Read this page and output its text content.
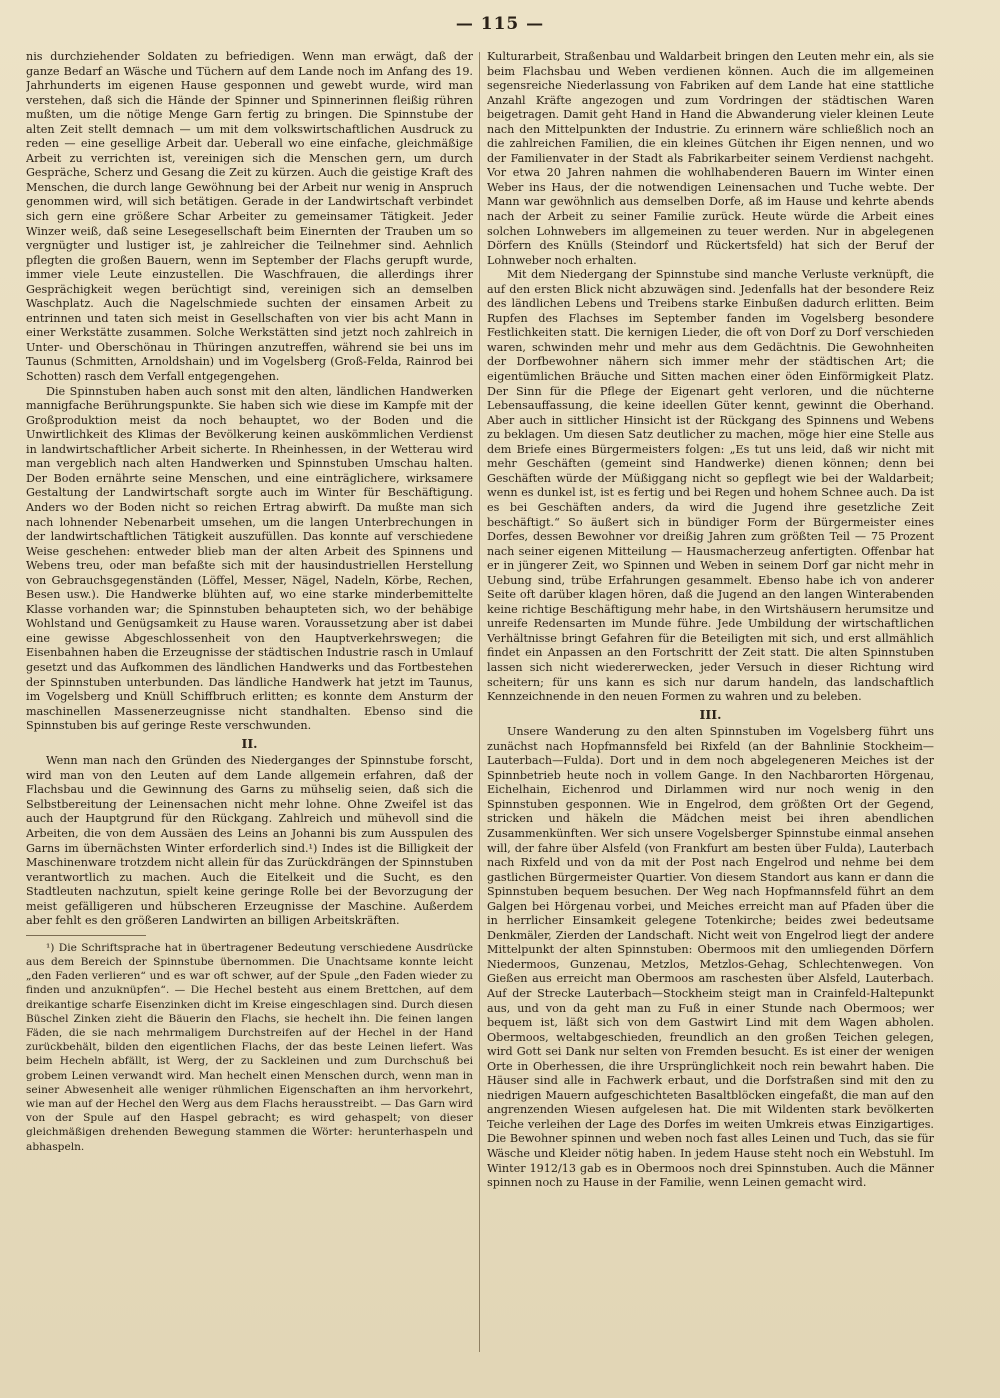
— 115 —

nis durchziehender Soldaten zu befriedigen. Wenn man erwägt, daß der ganze Bedarf an Wäsche und Tüchern auf dem Lande noch im Anfang des 19. Jahrhunderts im eigenen Hause gesponnen und gewebt wurde, wird man verstehen, daß sich die Hände der Spinner und Spinnerinnen fleißig rühren mußten, um die nötige Menge Garn fertig zu bringen. Die Spinnstube der alten Zeit stellt demnach — um mit dem volkswirtschaftlichen Ausdruck zu reden — eine gesellige Arbeit dar. Ueberall wo eine einfache, gleichmäßige Arbeit zu verrichten ist, vereinigen sich die Menschen gern, um durch Gespräche, Scherz und Gesang die Zeit zu kürzen. Auch die geistige Kraft des Menschen, die durch lange Gewöhnung bei der Arbeit nur wenig in Anspruch genommen wird, will sich betätigen. Gerade in der Landwirtschaft verbindet sich gern eine größere Schar Arbeiter zu gemeinsamer Tätigkeit. Jeder Winzer weiß, daß seine Lesegesellschaft beim Einernten der Trauben um so vergnügter und lustiger ist, je zahlreicher die Teilnehmer sind. Aehnlich pflegten die großen Bauern, wenn im September der Flachs gerupft wurde, immer viele Leute einzustellen. Die Waschfrauen, die allerdings ihrer Gesprächigkeit wegen berüchtigt sind, vereinigen sich an demselben Waschplatz. Auch die Nagelschmiede suchten der einsamen Arbeit zu entrinnen und taten sich meist in Gesellschaften von vier bis acht Mann in einer Werkstätte zusammen. Solche Werkstätten sind jetzt noch zahlreich in Unter- und Oberschönau in Thüringen anzutreffen, während sie bei uns im Taunus (Schmitten, Arnoldshain) und im Vogelsberg (Groß-Felda, Rainrod bei Schotten) rasch dem Verfall entgegengehen.

Die Spinnstuben haben auch sonst mit den alten, ländlichen Handwerken mannigfache Berührungspunkte. Sie haben sich wie diese im Kampfe mit der Großproduktion meist da noch behauptet, wo der Boden und die Unwirtlichkeit des Klimas der Bevölkerung keinen auskömmlichen Verdienst in landwirtschaftlicher Arbeit sicherte. In Rheinhessen, in der Wetterau wird man vergeblich nach alten Handwerken und Spinnstuben Umschau halten. Der Boden ernährte seine Menschen, und eine einträglichere, wirksamere Gestaltung der Landwirtschaft sorgte auch im Winter für Beschäftigung. Anders wo der Boden nicht so reichen Ertrag abwirft. Da mußte man sich nach lohnender Nebenarbeit umsehen, um die langen Unterbrechungen in der landwirtschaftlichen Tätigkeit auszufüllen. Das konnte auf verschiedene Weise geschehen: entweder blieb man der alten Arbeit des Spinnens und Webens treu, oder man befaßte sich mit der hausindustriellen Herstellung von Gebrauchsgegenständen (Löffel, Messer, Nägel, Nadeln, Körbe, Rechen, Besen usw.). Die Handwerke blühten auf, wo eine starke minderbemittelte Klasse vorhanden war; die Spinnstuben behaupteten sich, wo der behäbige Wohlstand und Genügsamkeit zu Hause waren. Voraussetzung aber ist dabei eine gewisse Abgeschlossenheit von den Hauptverkehrswegen; die Eisenbahnen haben die Erzeugnisse der städtischen Industrie rasch in Umlauf gesetzt und das Aufkommen des ländlichen Handwerks und das Fortbestehen der Spinnstuben unterbunden. Das ländliche Handwerk hat jetzt im Taunus, im Vogelsberg und Knüll Schiffbruch erlitten; es konnte dem Ansturm der maschinellen Massenerzeugnisse nicht standhalten. Ebenso sind die Spinnstuben bis auf geringe Reste verschwunden.

II.

Wenn man nach den Gründen des Niederganges der Spinnstube forscht, wird man von den Leuten auf dem Lande allgemein erfahren, daß der Flachsbau und die Gewinnung des Garns zu mühselig seien, daß sich die Selbstbereitung der Leinensachen nicht mehr lohne. Ohne Zweifel ist das auch der Hauptgrund für den Rückgang. Zahlreich und mühevoll sind die Arbeiten, die von dem Aussäen des Leins an Johanni bis zum Ausspulen des Garns im übernächsten Winter erforderlich sind.¹) Indes ist die Billigkeit der Maschinenware trotzdem nicht allein für das Zurückdrängen der Spinnstuben verantwortlich zu machen. Auch die Eitelkeit und die Sucht, es den Stadtleuten nachzutun, spielt keine geringe Rolle bei der Bevorzugung der meist gefälligeren und hübscheren Erzeugnisse der Maschine. Außerdem aber fehlt es den größeren Landwirten an billigen Arbeitskräften.

¹) Die Schriftsprache hat in übertragener Bedeutung verschiedene Ausdrücke aus dem Bereich der Spinnstube übernommen. Die Unachtsame konnte leicht „den Faden verlieren“ und es war oft schwer, auf der Spule „den Faden wieder zu finden und anzuknüpfen“. — Die Hechel besteht aus einem Brettchen, auf dem dreikantige scharfe Eisenzinken dicht im Kreise eingeschlagen sind. Durch diesen Büschel Zinken zieht die Bäuerin den Flachs, sie hechelt ihn. Die feinen langen Fäden, die sie nach mehrmaligem Durchstreifen auf der Hechel in der Hand zurückbehält, bilden den eigentlichen Flachs, der das beste Leinen liefert. Was beim Hecheln abfällt, ist Werg, der zu Sackleinen und zum Durchschuß bei grobem Leinen verwandt wird. Man hechelt einen Menschen durch, wenn man in seiner Abwesenheit alle weniger rühmlichen Eigenschaften an ihm hervorkehrt, wie man auf der Hechel den Werg aus dem Flachs herausstreibt. — Das Garn wird von der Spule auf den Haspel gebracht; es wird gehaspelt; von dieser gleichmäßigen drehenden Bewegung stammen die Wörter: herunterhaspeln und abhaspeln.

Kulturarbeit, Straßenbau und Waldarbeit bringen den Leuten mehr ein, als sie beim Flachsbau und Weben verdienen können. Auch die im allgemeinen segensreiche Niederlassung von Fabriken auf dem Lande hat eine stattliche Anzahl Kräfte angezogen und zum Vordringen der städtischen Waren beigetragen. Damit geht Hand in Hand die Abwanderung vieler kleinen Leute nach den Mittelpunkten der Industrie. Zu erinnern wäre schließlich noch an die zahlreichen Familien, die ein kleines Gütchen ihr Eigen nennen, und wo der Familienvater in der Stadt als Fabrikarbeiter seinem Verdienst nachgeht. Vor etwa 20 Jahren nahmen die wohlhabenderen Bauern im Winter einen Weber ins Haus, der die notwendigen Leinensachen und Tuche webte. Der Mann war gewöhnlich aus demselben Dorfe, aß im Hause und kehrte abends nach der Arbeit zu seiner Familie zurück. Heute würde die Arbeit eines solchen Lohnwebers im allgemeinen zu teuer werden. Nur in abgelegenen Dörfern des Knülls (Steindorf und Rückertsfeld) hat sich der Beruf der Lohnweber noch erhalten.

Mit dem Niedergang der Spinnstube sind manche Verluste verknüpft, die auf den ersten Blick nicht abzuwägen sind. Jedenfalls hat der besondere Reiz des ländlichen Lebens und Treibens starke Einbußen dadurch erlitten. Beim Rupfen des Flachses im September fanden im Vogelsberg besondere Festlichkeiten statt. Die kernigen Lieder, die oft von Dorf zu Dorf verschieden waren, schwinden mehr und mehr aus dem Gedächtnis. Die Gewohnheiten der Dorfbewohner nähern sich immer mehr der städtischen Art; die eigentümlichen Bräuche und Sitten machen einer öden Einförmigkeit Platz. Der Sinn für die Pflege der Eigenart geht verloren, und die nüchterne Lebensauffassung, die keine ideellen Güter kennt, gewinnt die Oberhand. Aber auch in sittlicher Hinsicht ist der Rückgang des Spinnens und Webens zu beklagen. Um diesen Satz deutlicher zu machen, möge hier eine Stelle aus dem Briefe eines Bürgermeisters folgen: „Es tut uns leid, daß wir nicht mit mehr Geschäften (gemeint sind Handwerke) dienen können; denn bei Geschäften würde der Müßiggang nicht so gepflegt wie bei der Waldarbeit; wenn es dunkel ist, ist es fertig und bei Regen und hohem Schnee auch. Da ist es bei Geschäften anders, da wird die Jugend ihre gesetzliche Zeit beschäftigt.“ So äußert sich in bündiger Form der Bürgermeister eines Dorfes, dessen Bewohner vor dreißig Jahren zum größten Teil — 75 Prozent nach seiner eigenen Mitteilung — Hausmacherzeug anfertigten. Offenbar hat er in jüngerer Zeit, wo Spinnen und Weben in seinem Dorf gar nicht mehr in Uebung sind, trübe Erfahrungen gesammelt. Ebenso habe ich von anderer Seite oft darüber klagen hören, daß die Jugend an den langen Winterabenden keine richtige Beschäftigung mehr habe, in den Wirtshäusern herumsitze und unreife Redensarten im Munde führe. Jede Umbildung der wirtschaftlichen Verhältnisse bringt Gefahren für die Beteiligten mit sich, und erst allmählich findet ein Anpassen an den Fortschritt der Zeit statt. Die alten Spinnstuben lassen sich nicht wiedererwecken, jeder Versuch in dieser Richtung wird scheitern; für uns kann es sich nur darum handeln, das landschaftlich Kennzeichnende in den neuen Formen zu wahren und zu beleben.

III.

Unsere Wanderung zu den alten Spinnstuben im Vogelsberg führt uns zunächst nach Hopfmannsfeld bei Rixfeld (an der Bahnlinie Stockheim—Lauterbach—Fulda). Dort und in dem noch abgelegeneren Meiches ist der Spinnbetrieb heute noch in vollem Gange. In den Nachbarorten Hörgenau, Eichelhain, Eichenrod und Dirlammen wird nur noch wenig in den Spinnstuben gesponnen. Wie in Engelrod, dem größten Ort der Gegend, stricken und häkeln die Mädchen meist bei ihren abendlichen Zusammenkünften. Wer sich unsere Vogelsberger Spinnstube einmal ansehen will, der fahre über Alsfeld (von Frankfurt am besten über Fulda), Lauterbach nach Rixfeld und von da mit der Post nach Engelrod und nehme bei dem gastlichen Bürgermeister Quartier. Von diesem Standort aus kann er dann die Spinnstuben bequem besuchen. Der Weg nach Hopfmannsfeld führt an dem Galgen bei Hörgenau vorbei, und Meiches erreicht man auf Pfaden über die in herrlicher Einsamkeit gelegene Totenkirche; beides zwei bedeutsame Denkmäler, Zierden der Landschaft. Nicht weit von Engelrod liegt der andere Mittelpunkt der alten Spinnstuben: Obermoos mit den umliegenden Dörfern Niedermoos, Gunzenau, Metzlos, Metzlos-Gehag, Schlechtenwegen. Von Gießen aus erreicht man Obermoos am raschesten über Alsfeld, Lauterbach. Auf der Strecke Lauterbach—Stockheim steigt man in Crainfeld-Haltepunkt aus, und von da geht man zu Fuß in einer Stunde nach Obermoos; wer bequem ist, läßt sich von dem Gastwirt Lind mit dem Wagen abholen. Obermoos, weltabgeschieden, freundlich an den großen Teichen gelegen, wird Gott sei Dank nur selten von Fremden besucht. Es ist einer der wenigen Orte in Oberhessen, die ihre Ursprünglichkeit noch rein bewahrt haben. Die Häuser sind alle in Fachwerk erbaut, und die Dorfstraßen sind mit den zu niedrigen Mauern aufgeschichteten Basaltblöcken eingefaßt, die man auf den angrenzenden Wiesen aufgelesen hat. Die mit Wildenten stark bevölkerten Teiche verleihen der Lage des Dorfes im weiten Umkreis etwas Einzigartiges. Die Bewohner spinnen und weben noch fast alles Leinen und Tuch, das sie für Wäsche und Kleider nötig haben. In jedem Hause steht noch ein Webstuhl. Im Winter 1912/13 gab es in Obermoos noch drei Spinnstuben. Auch die Männer spinnen noch zu Hause in der Familie, wenn Leinen gemacht wird.
